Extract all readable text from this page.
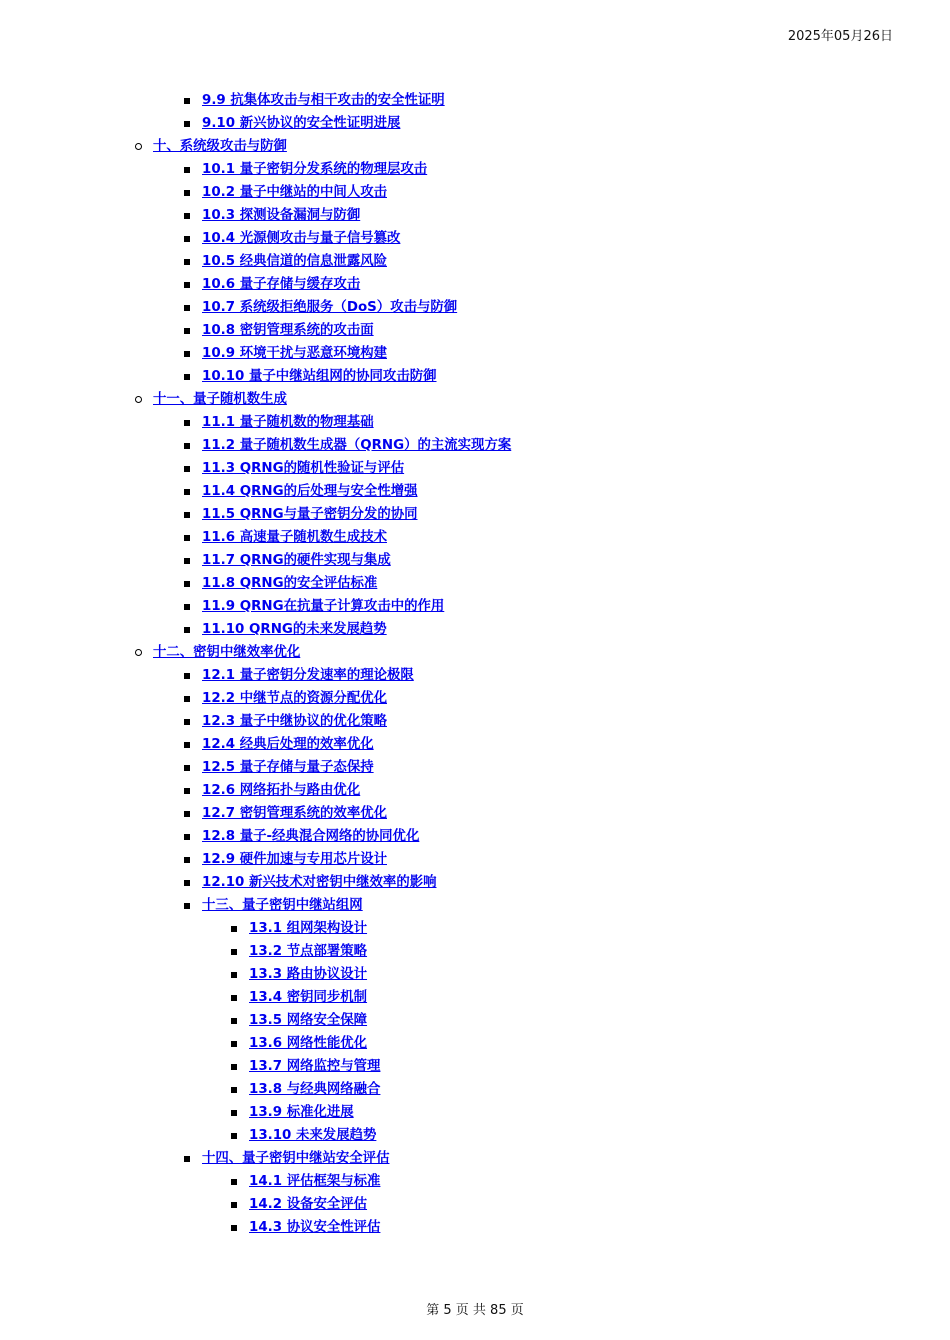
2025年05月26日
9.9 抗集体攻击与相干攻击的安全性证明
9.10 新兴协议的安全性证明进展
十、系统级攻击与防御
10.1 量子密钥分发系统的物理层攻击
10.2 量子中继站的中间人攻击
10.3 探测设备漏洞与防御
10.4 光源侧攻击与量子信号篡改
10.5 经典信道的信息泄露风险
10.6 量子存储与缓存攻击
10.7 系统级拒绝服务（DoS）攻击与防御
10.8 密钥管理系统的攻击面
10.9 环境干扰与恶意环境构建
10.10 量子中继站组网的协同攻击防御
十一、量子随机数生成
11.1 量子随机数的物理基础
11.2 量子随机数生成器（QRNG）的主流实现方案
11.3 QRNG的随机性验证与评估
11.4 QRNG的后处理与安全性增强
11.5 QRNG与量子密钥分发的协同
11.6 高速量子随机数生成技术
11.7 QRNG的硬件实现与集成
11.8 QRNG的安全评估标准
11.9 QRNG在抗量子计算攻击中的作用
11.10 QRNG的未来发展趋势
十二、密钥中继效率优化
12.1 量子密钥分发速率的理论极限
12.2 中继节点的资源分配优化
12.3 量子中继协议的优化策略
12.4 经典后处理的效率优化
12.5 量子存储与量子态保持
12.6 网络拓扑与路由优化
12.7 密钥管理系统的效率优化
12.8 量子-经典混合网络的协同优化
12.9 硬件加速与专用芯片设计
12.10 新兴技术对密钥中继效率的影响
十三、量子密钥中继站组网
13.1 组网架构设计
13.2 节点部署策略
13.3 路由协议设计
13.4 密钥同步机制
13.5 网络安全保障
13.6 网络性能优化
13.7 网络监控与管理
13.8 与经典网络融合
13.9 标准化进展
13.10 未来发展趋势
十四、量子密钥中继站安全评估
14.1 评估框架与标准
14.2 设备安全评估
14.3 协议安全性评估
第 5 页 共 85 页
